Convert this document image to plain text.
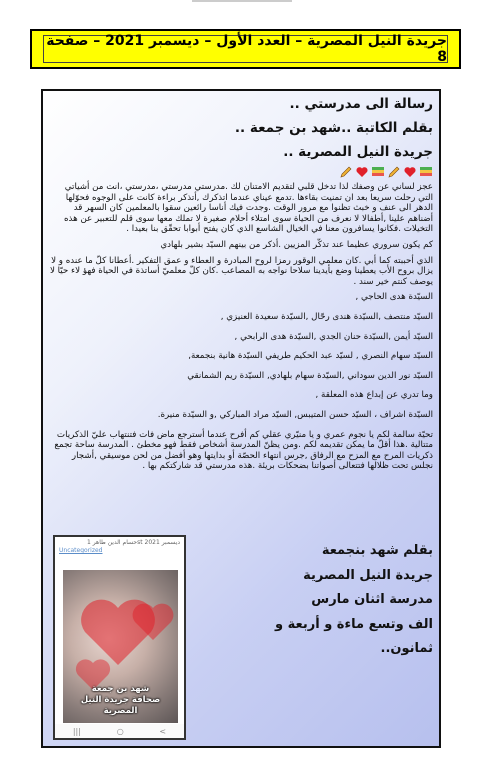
جريدة النيل المصرية – العدد الأول – ديسمبر 2021 – صفحة 8

رسالة الى مدرستي ..

بقلم الكاتبة ..شهد بن جمعة ..

جريدة النيل المصرية ..

عجز لساني عن وصفك لذا تدخل قلبي لتقديم الامتنان لك .مدرستي مدرستي ،مدرستي ،انت من أشياتي التي رحلت سريعا بعد ان تمنيت بقاءها .تدمع عيناي عندما اتذكرك ,أتذكر براءة كانت على الوجوه فحوّلها الدهر الى عنف و خبث تظنوا مع مرور الوقت .وجدت فيك أناسا رائعين سقوا بالمعلمين كان السهر قد أضناهم علينا ,أطفالا لا نعرف من الحياة سوى امتلاء أحلام صغيرة لا تملك معها سوى قلم للتعبير عن هذه التخيلات .فكانوا يسافرون معنا في الخيال الشاسع الذي كان يفتح أبوابا تحقّق بنا بعيدا .

كم يكون سروري عظيما عند تذكّر المزيين .أذكر من بينهم السيّد بشير بلهادي

الذي أحببته كما أبي .كان معلمي الوقور رمزا لروح المبادرة و العطاء و عمق التفكير .أعطانا كلّ ما عنده و لا يزال بروح الأب يعطينا وضع بأيدينا سلاحا نواجه به المصاعب .كان كلّ معلميّ أساتذة في الحياة فهؤ لاء حيّا لا يوصف كنتم خير سند .

السيّدة هدى الحاجي ,

السيّد منتصف ,السيّدة هندى رحّال ,السيّدة سعيدة العنيزي ,

السيّد أيمن ,السيّدة حنان الجدي ,السيّدة هدى الرابحي ,

السيّد سهام النصري , لسيّد عبد الحكيم طريفي السيّدة هانية بنجمعة,

السيّد نور الدين سوداني ,السيّدة سهام بلهادي, السيّدة ريم الشمانقي

وما تدري عن إبداع هذه المعلقة ,

السيّدة اشراف ، السيّد حسن المتيبس, السيّد مراد المباركي ,و السيّدة منيرة.

تحيّة سالمة لكم يا نجوم عمري و يا منيّري عقلي كم أفرح عندما أسترجع ماض فات فتنتهاب عليّ الذكريات متتالية .هذا أقلّ ما يمكن تقديمه لكم .ومن يظنّ المدرسة أشخاص فقط فهو مخطئ . المدرسة ساحة تجمع ذكريات المرح مع المزح مع الرفاق ,جرس انتهاء الحصّة أو بدايتها وهو أفضل من لحن موسيقي ,أشجار نجلس تحت ظلالها فتتعالى أصواتنا بضحكات بريئة .هذه مدرستي قد شاركتكم بها .

بقلم شهد بنجمعة

جريدة النيل المصرية

مدرسة اثنان مارس

الف وتسع ماءة و أربعة و ثمانون..

حسام الدين طاهر 1st ديسمبر 2021
Uncategorized
شهد بن جمعة
صحافة جريدة النيل المصرية
|||	○	<
